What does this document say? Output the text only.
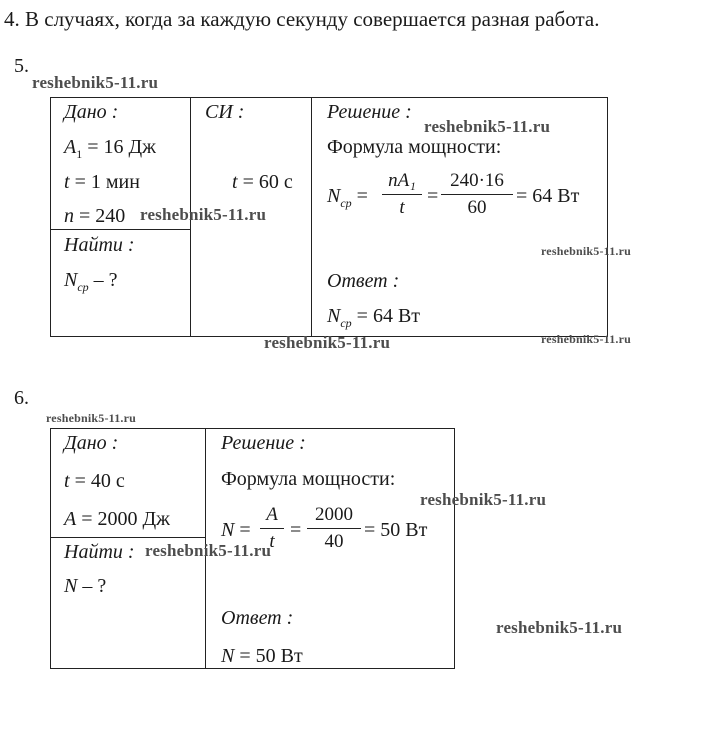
4. В случаях, когда за каждую секунду совершается разная работа.
5.
reshebnik5-11.ru
Дано :
$A_1 = 16$ Дж
t = 1 мин
n = 240
Найти :
$N_{ср}$ – ?
СИ :
t = 60 с
Решение :
Формула мощности:
$N_{ср}$ =
nA₁
t
=
240·16
60
= 64 Вт
Ответ :
$N_{ср} = 64$ Вт
reshebnik5-11.ru
reshebnik5-11.ru
reshebnik5-11.ru
reshebnik5-11.ru
reshebnik5-11.ru
6.
reshebnik5-11.ru
Дано :
t = 40 с
A = 2000 Дж
Найти :
N – ?
Решение :
Формула мощности:
N =
A
t
=
2000
40
= 50 Вт
Ответ :
N = 50 Вт
reshebnik5-11.ru
reshebnik5-11.ru
reshebnik5-11.ru
